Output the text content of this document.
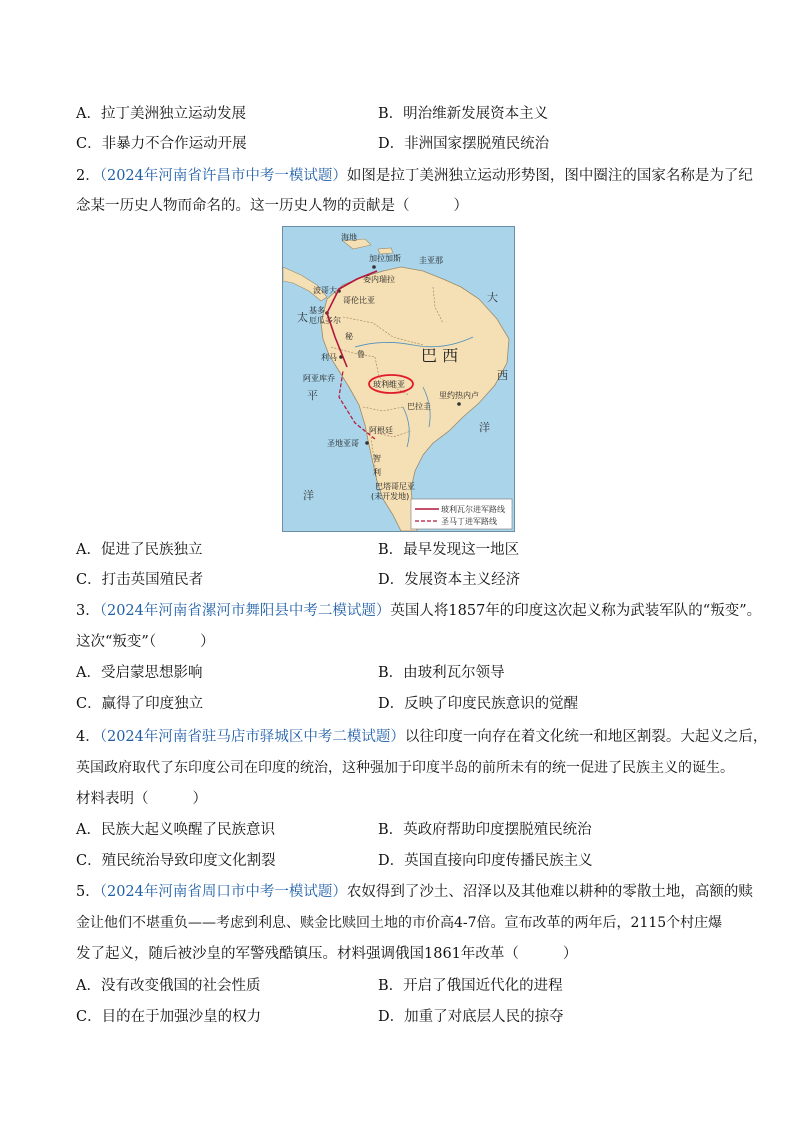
A．拉丁美洲独立运动发展	B．明治维新发展资本主义
C．非暴力不合作运动开展	D．非洲国家摆脱殖民统治
2．（2024年河南省许昌市中考一模试题）如图是拉丁美洲独立运动形势图，图中圈注的国家名称是为了纪
念某一历史人物而命名的。这一历史人物的贡献是（	）
太
平
洋
大
西
洋
海地
加拉加斯
委内瑞拉
波哥大
哥伦比亚
基多
厄瓜多尔
秘
鲁
利马
阿亚库乔
巴 西
里约热内卢
巴拉圭
阿根廷
圣地亚哥
智
利
巴塔哥尼亚
(未开发地)
圭亚那
玻利维亚
玻利瓦尔进军路线
圣马丁进军路线
A．促进了民族独立	B．最早发现这一地区
C．打击英国殖民者	D．发展资本主义经济
3．（2024年河南省漯河市舞阳县中考二模试题）英国人将1857年的印度这次起义称为武装军队的“叛变”。
这次“叛变”（	）
A．受启蒙思想影响	B．由玻利瓦尔领导
C．赢得了印度独立	D．反映了印度民族意识的觉醒
4．（2024年河南省驻马店市驿城区中考二模试题）以往印度一向存在着文化统一和地区割裂。大起义之后，
英国政府取代了东印度公司在印度的统治，这种强加于印度半岛的前所未有的统一促进了民族主义的诞生。
材料表明（	）
A．民族大起义唤醒了民族意识	B．英政府帮助印度摆脱殖民统治
C．殖民统治导致印度文化割裂	D．英国直接向印度传播民族主义
5．（2024年河南省周口市中考一模试题）农奴得到了沙土、沼泽以及其他难以耕种的零散土地，高额的赎
金让他们不堪重负——考虑到利息、赎金比赎回土地的市价高4-7倍。宣布改革的两年后，2115个村庄爆
发了起义，随后被沙皇的军警残酷镇压。材料强调俄国1861年改革（	）
A．没有改变俄国的社会性质	B．开启了俄国近代化的进程
C．目的在于加强沙皇的权力	D．加重了对底层人民的掠夺
